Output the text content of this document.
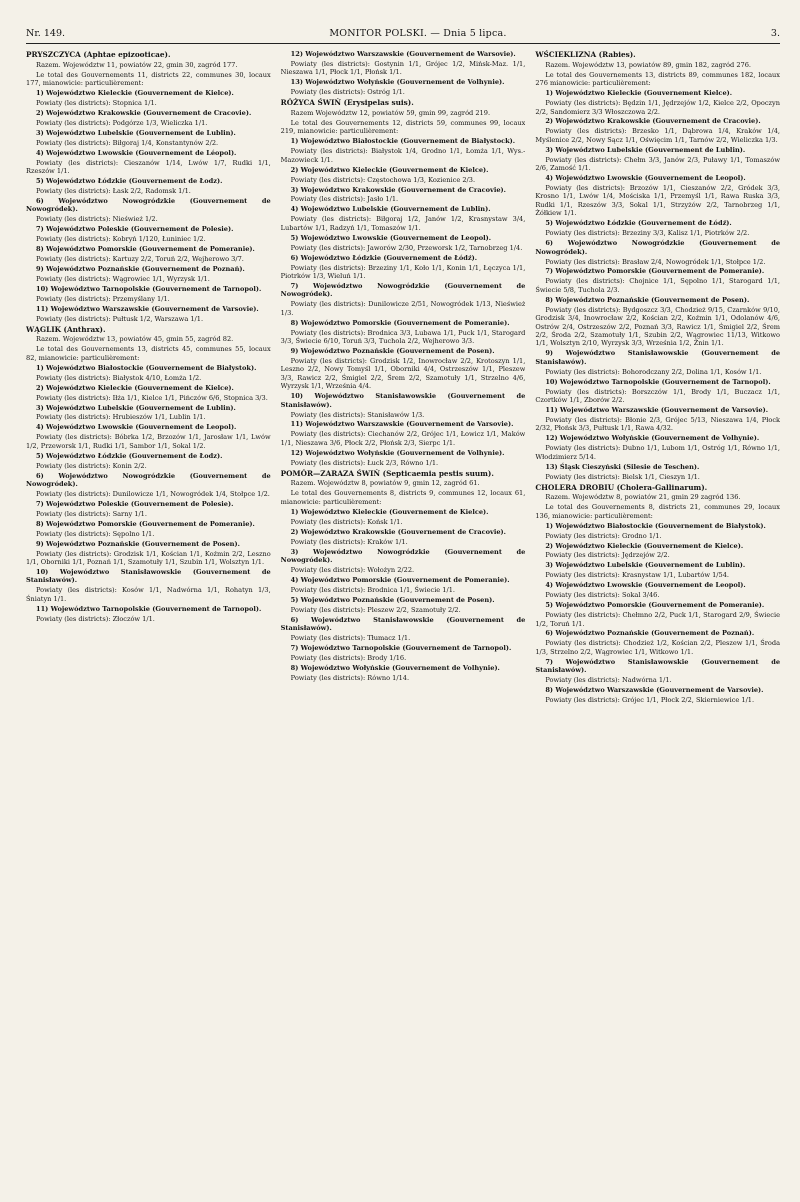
Nr. 149.	MONITOR POLSKI. — Dnia 5 lipca.	3.

PRYSZCZYCA (Aphtae epizooticae).

Razem. Województw 11, powiatów 22, gmin 30, zagród 177.

Le total des Gouvernements 11, districts 22, communes 30, locaux 177, mianowicie: particulièrement:

1) Województwo Kieleckie (Gouvernement de Kielce).

Powiaty (les districts): Stopnica 1/1.

2) Województwo Krakowskie (Gouvernement de Cracovie).

Powiaty (les districts): Podgórze 1/3, Wieliczka 1/1.

3) Województwo Lubelskie (Gouvernement de Lublin).

Powiaty (les districts): Biłgoraj 1/4, Konstantynów 2/2.

4) Województwo Lwowskie (Gouvernement de Léopol).

Powiaty (les districts): Cieszanów 1/14, Lwów 1/7, Rudki 1/1, Rzeszów 1/1.

5) Województwo Łódzkie (Gouvernement de Łodz).

Powiaty (les districts): Łask 2/2, Radomsk 1/1.

6) Województwo Nowogródzkie (Gouvernement de Nowogródek).

Powiaty (les districts): Nieśwież 1/2.

7) Województwo Poleskie (Gouvernement de Polesie).

Powiaty (les districts): Kobryń 1/120, Łuniniec 1/2.

8) Województwo Pomorskie (Gouvernement de Pomeranie).

Powiaty (les districts): Kartuzy 2/2, Toruń 2/2, Wejherowo 3/7.

9) Województwo Poznańskie (Gouvernement de Poznań).

Powiaty (les districts): Wągrowiec 1/1, Wyrzysk 1/1.

10) Województwo Tarnopolskie (Gouvernement de Tarnopol).

Powiaty (les districts): Przemyślany 1/1.

11) Województwo Warszawskie (Gouvernement de Varsovie).

Powiaty (les districts): Pułtusk 1/2, Warszawa 1/1.

WĄGLIK (Anthrax).

Razem. Województw 13, powiatów 45, gmin 55, zagród 82.

Le total des Gouvernements 13, districts 45, communes 55, locaux 82, mianowicie: particulièrement:

1) Województwo Białostockie (Gouvernement de Białystok).

Powiaty (les districts): Białystok 4/10, Łomża 1/2.

2) Województwo Kieleckie (Gouvernement de Kielce).

Powiaty (les districts): Iłża 1/1, Kielce 1/1, Pińczów 6/6, Stopnica 3/3.

3) Województwo Lubelskie (Gouvernement de Lublin).

Powiaty (les districts): Hrubieszów 1/1, Lublin 1/1.

4) Województwo Lwowskie (Gouvernement de Leopol).

Powiaty (les districts): Bóbrka 1/2, Brzozów 1/1, Jarosław 1/1, Lwów 1/2, Przeworsk 1/1, Rudki 1/1, Sambor 1/1, Sokal 1/2.

5) Województwo Łódzkie (Gouvernement de Łodz).

Powiaty (les districts): Konin 2/2.

6) Województwo Nowogródzkie (Gouvernement de Nowogródek).

Powiaty (les districts): Dunilowicze 1/1, Nowogródek 1/4, Stołpce 1/2.

7) Województwo Poleskie (Gouvernement de Polesie).

Powiaty (les districts): Sarny 1/1.

8) Województwo Pomorskie (Gouvernement de Pomeranie).

Powiaty (les districts): Sępolno 1/1.

9) Województwo Poznańskie (Gouvernement de Posen).

Powiaty (les districts): Grodzisk 1/1, Kościan 1/1, Koźmin 2/2, Leszno 1/1, Oborniki 1/1, Poznań 1/1, Szamotuły 1/1, Szubin 1/1, Wolsztyn 1/1.

10) Województwo Stanisławowskie (Gouvernement de Stanisławów).

Powiaty (les districts): Kosów 1/1, Nadwórna 1/1, Rohatyn 1/3, Śniatyn 1/1.

11) Województwo Tarnopolskie (Gouvernement de Tarnopol).

Powiaty (les districts): Złoczów 1/1.

12) Województwo Warszawskie (Gouvernement de Warsovie).

Powiaty (les districts): Gostynin 1/1, Grójec 1/2, Mińsk-Maz. 1/1, Nieszawa 1/1, Płock 1/1, Płońsk 1/1.

13) Województwo Wołyńskie (Gouvernement de Volhynie).

Powiaty (les districts): Ostróg 1/1.

RÓŻYCA ŚWIŃ (Erysipelas suis).

Razem Województw 12, powiatów 59, gmin 99, zagród 219.

Le total des Gouvernements 12, districts 59, communes 99, locaux 219, mianowicie: particulièrement:

1) Województwo Białostockie (Gouvernement de Białystock).

Powiaty (les districts): Białystok 1/4, Grodno 1/1, Łomża 1/1, Wys.-Mazowieck 1/1.

2) Województwo Kieleckie (Gouvernement de Kielce).

Powiaty (les districts): Częstochowa 1/3, Kozienice 2/3.

3) Województwo Krakowskie (Gouvernement de Cracovie).

Powiaty (les districts): Jasło 1/1.

4) Województwo Lubelskie (Gouvernement de Lublin).

Powiaty (les districts): Biłgoraj 1/2, Janów 1/2, Krasnystaw 3/4, Lubartów 1/1, Radzyń 1/1, Tomaszów 1/1.

5) Województwo Lwowskie (Gouvernement de Leopol).

Powiaty (les districts): Jaworów 2/30, Przeworsk 1/2, Tarnobrzeg 1/4.

6) Województwo Łódzkie (Gouvernement de Łódź).

Powiaty (les districts): Brzeziny 1/1, Koło 1/1, Konin 1/1, Łęczyca 1/1, Piotrków 1/3, Wieluń 1/1.

7) Województwo Nowogródzkie (Gouvernement de Nowogródek).

Powiaty (les districts): Dunilowicze 2/51, Nowogródek 1/13, Nieśwież 1/3.

8) Województwo Pomorskie (Gouvernement de Pomeranie).

Powiaty (les districts): Brodnica 3/3, Lubawa 1/1, Puck 1/1, Starogard 3/3, Świecie 6/10, Toruń 3/3, Tuchola 2/2, Wejherowo 3/3.

9) Województwo Poznańskie (Gouvernement de Posen).

Powiaty (les districts): Grodzisk 1/2, Inowrocław 2/2, Krotoszyn 1/1, Leszno 2/2, Nowy Tomyśl 1/1, Oborniki 4/4, Ostrzeszów 1/1, Pleszew 3/3, Rawicz 2/2, Śmigiel 2/2, Śrem 2/2, Szamotuły 1/1, Strzelno 4/6, Wyrzysk 1/1, Września 4/4.

10) Województwo Stanisławowskie (Gouvernement de Stanisławów).

Powiaty (les districts): Stanisławów 1/3.

11) Województwo Warszawskie (Gouvernement de Varsovie).

Powiaty (les districts): Ciechanów 2/2, Grójec 1/1, Łowicz 1/1, Maków 1/1, Nieszawa 3/6, Płock 2/2, Płońsk 2/3, Sierpc 1/1.

12) Województwo Wołyńskie (Gouvernement de Volhynie).

Powiaty (les districts): Łuck 2/3, Równo 1/1.

POMÓR—ZARAZA ŚWIŃ (Septicaemia pestis suum).

Razem. Województw 8, powiatów 9, gmin 12, zagród 61.

Le total des Gouvernements 8, districts 9, communes 12, locaux 61, mianowicie: particulièrement:

1) Województwo Kieleckie (Gouvernement de Kielce).

Powiaty (les districts): Końsk 1/1.

2) Województwo Krakowskie (Gouvernement de Cracovie).

Powiaty (les districts): Kraków 1/1.

3) Województwo Nowogródzkie (Gouvernement de Nowogródek).

Powiaty (les districts): Wołożyn 2/22.

4) Województwo Pomorskie (Gouvernement de Pomeranie).

Powiaty (les districts): Brodnica 1/1, Świecie 1/1.

5) Województwo Poznańskie (Gouvernement de Posen).

Powiaty (les districts): Pleszew 2/2, Szamotuły 2/2.

6) Województwo Stanisławowskie (Gouvernement de Stanisławów).

Powiaty (les districts): Tłumacz 1/1.

7) Województwo Tarnopolskie (Gouvernement de Tarnopol).

Powiaty (les districts): Brody 1/16.

8) Województwo Wołyńskie (Gouvernement de Volhynie).

Powiaty (les districts): Równo 1/14.

WŚCIEKLIZNA (Rabies).

Razem. Województw 13, powiatów 89, gmin 182, zagród 276.

Le total des Gouvernements 13, districts 89, communes 182, locaux 276 mianowicie: particulièrement:

1) Województwo Kieleckie (Gouvernement Kielce).

Powiaty (les districts): Będzin 1/1, Jędrzejów 1/2, Kielce 2/2, Opoczyn 2/2, Sandomierz 3/3 Włoszczowa 2/2.

2) Województwo Krakowskie (Gouvernement de Cracovie).

Powiaty (les districts): Brzesko 1/1, Dąbrowa 1/4, Kraków 1/4, Myślenice 2/2, Nowy Sącz 1/1, Oświęcim 1/1, Tarnów 2/2, Wieliczka 1/3.

3) Województwo Lubelskie (Gouvernement de Lublin).

Powiaty (les districts): Chełm 3/3, Janów 2/3, Puławy 1/1, Tomaszów 2/6, Zamość 1/1.

4) Województwo Lwowskie (Gouvernement de Leopol).

Powiaty (les districts): Brzozów 1/1, Cieszanów 2/2, Gródek 3/3, Krosno 1/1, Lwów 1/4, Mościska 1/1, Przemyśl 1/1, Rawa Ruska 3/3, Rudki 1/1, Rzeszów 3/3, Sokal 1/1, Strzyżów 2/2, Tarnobrzeg 1/1, Żółkiew 1/1.

5) Województwo Łódzkie (Gouvernement de Łódź).

Powiaty (les districts): Brzeziny 3/3, Kalisz 1/1, Piotrków 2/2.

6) Województwo Nowogródzkie (Gouvernement de Nowogródek).

Powiaty (les districts): Brasław 2/4, Nowogródek 1/1, Stołpce 1/2.

7) Województwo Pomorskie (Gouvernement de Pomeranie).

Powiaty (les districts): Chojnice 1/1, Sępolno 1/1, Starogard 1/1, Świecie 5/8, Tuchola 2/3.

8) Województwo Poznańskie (Gouvernement de Posen).

Powiaty (les districts): Bydgoszcz 3/3, Chodzież 9/15, Czarnków 9/10, Grodzisk 3/4, Inowrocław 2/2, Kościan 2/2, Koźmin 1/1, Odolanów 4/6, Ostrów 2/4, Ostrzeszów 2/2, Poznań 3/3, Rawicz 1/1, Śmigiel 2/2, Śrem 2/2, Środa 2/2, Szamotuły 1/1, Szubin 2/2, Wągrowiec 11/13, Witkowo 1/1, Wolsztyn 2/10, Wyrzysk 3/3, Września 1/2, Żnin 1/1.

9) Województwo Stanisławowskie (Gouvernement de Stanisławów).

Powiaty (les districts): Bohorodczany 2/2, Dolina 1/1, Kosów 1/1.

10) Województwo Tarnopolskie (Gouvernement de Tarnopol).

Powiaty (les districts): Borszczów 1/1, Brody 1/1, Buczacz 1/1, Czortków 1/1, Zborów 2/2.

11) Województwo Warszawskie (Gouvernement de Varsovie).

Powiaty (les districts): Błonie 2/3, Grójec 5/13, Nieszawa 1/4, Płock 2/32, Płońsk 3/3, Pułtusk 1/1, Rawa 4/32.

12) Województwo Wołyńskie (Gouvernement de Volhynie).

Powiaty (les districts): Dubno 1/1, Lubom 1/1, Ostróg 1/1, Równo 1/1, Włodzimierz 5/14.

13) Śląsk Cieszyński (Silesie de Teschen).

Powiaty (les districts): Bielsk 1/1, Cieszyn 1/1.

CHOLERA DROBIU (Cholera-Gallinarum).

Razem. Województw 8, powiatów 21, gmin 29 zagród 136.

Le total des Gouvernements 8, districts 21, communes 29, locaux 136, mianowicie: particulièrement:

1) Województwo Białostockie (Gouvernement de Białystok).

Powiaty (les districts): Grodno 1/1.

2) Województwo Kieleckie (Gouvernement de Kielce).

Powiaty (les districts): Jędrzejów 2/2.

3) Województwo Lubelskie (Gouvernement de Lublin).

Powiaty (les districts): Krasnystaw 1/1, Lubartów 1/54.

4) Województwo Lwowskie (Gouvernement de Leopol).

Powiaty (les districts): Sokal 3/46.

5) Województwo Pomorskie (Gouvernement de Pomeranie).

Powiaty (les districts): Chełmno 2/2, Puck 1/1, Starogard 2/9, Świecie 1/2, Toruń 1/1.

6) Województwo Poznańskie (Gouvernement de Poznań).

Powiaty (les districts): Chodzież 1/2, Kościan 2/2, Pleszew 1/1, Środa 1/3, Strzelno 2/2, Wągrowiec 1/1, Witkowo 1/1.

7) Województwo Stanisławowskie (Gouvernement de Stanisławów).

Powiaty (les districts): Nadwórna 1/1.

8) Województwo Warszawskie (Gouvernement de Varsovie).

Powiaty (les districts): Grójec 1/1, Płock 2/2, Skierniewice 1/1.
